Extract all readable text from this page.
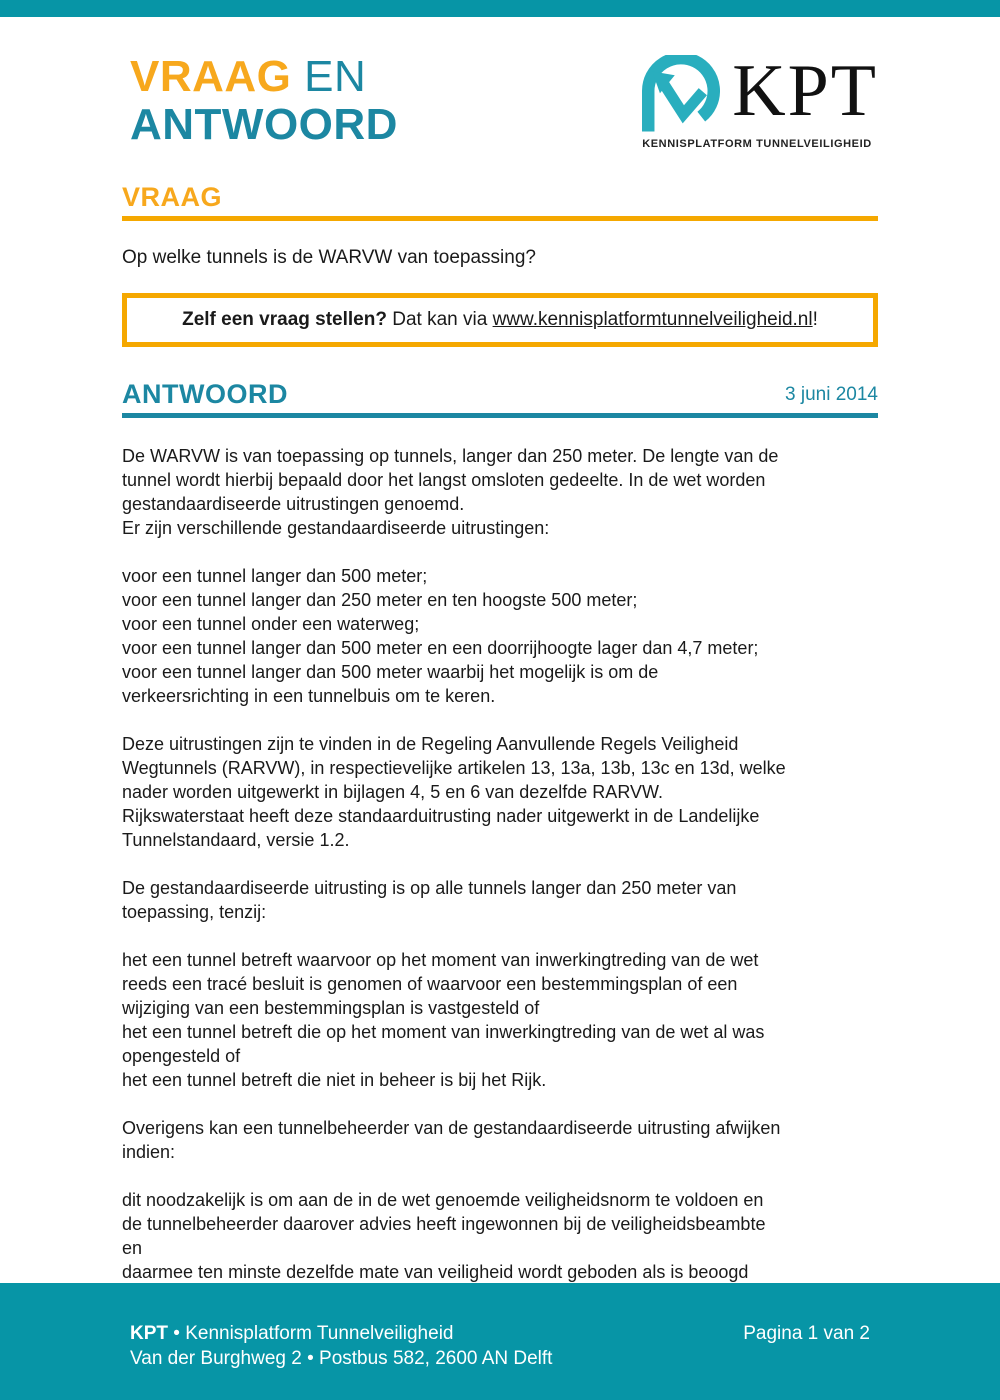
VRAAG EN
ANTWOORD	KPT
KENNISPLATFORM TUNNELVEILIGHEID
VRAAG

Op welke tunnels is de WARVW van toepassing?

Zelf een vraag stellen? Dat kan via www.kennisplatformtunnelveiligheid.nl!
ANTWOORD	3 juni 2014

De WARVW is van toepassing op tunnels, langer dan 250 meter. De lengte van de
tunnel wordt hierbij bepaald door het langst omsloten gedeelte. In de wet worden
gestandaardiseerde uitrustingen genoemd.
Er zijn verschillende gestandaardiseerde uitrustingen:

voor een tunnel langer dan 500 meter;
voor een tunnel langer dan 250 meter en ten hoogste 500 meter;
voor een tunnel onder een waterweg;
voor een tunnel langer dan 500 meter en een doorrijhoogte lager dan 4,7 meter;
voor een tunnel langer dan 500 meter waarbij het mogelijk is om de
verkeersrichting in een tunnelbuis om te keren.

Deze uitrustingen zijn te vinden in de Regeling Aanvullende Regels Veiligheid
Wegtunnels (RARVW), in respectievelijke artikelen 13, 13a, 13b, 13c en 13d, welke
nader worden uitgewerkt in bijlagen 4, 5 en 6 van dezelfde RARVW.
Rijkswaterstaat heeft deze standaarduitrusting nader uitgewerkt in de Landelijke
Tunnelstandaard, versie 1.2.

De gestandaardiseerde uitrusting is op alle tunnels langer dan 250 meter van
toepassing, tenzij:

het een tunnel betreft waarvoor op het moment van inwerkingtreding van de wet
reeds een tracé besluit is genomen of waarvoor een bestemmingsplan of een
wijziging van een bestemmingsplan is vastgesteld of
het een tunnel betreft die op het moment van inwerkingtreding van de wet al was
opengesteld of
het een tunnel betreft die niet in beheer is bij het Rijk.

Overigens kan een tunnelbeheerder van de gestandaardiseerde uitrusting afwijken
indien:

dit noodzakelijk is om aan de in de wet genoemde veiligheidsnorm te voldoen en
de tunnelbeheerder daarover advies heeft ingewonnen bij de veiligheidsbeambte
en
daarmee ten minste dezelfde mate van veiligheid wordt geboden als is beoogd

KPT • Kennisplatform Tunnelveiligheid
Van der Burghweg 2 • Postbus 582, 2600 AN Delft
Pagina 1 van 2
